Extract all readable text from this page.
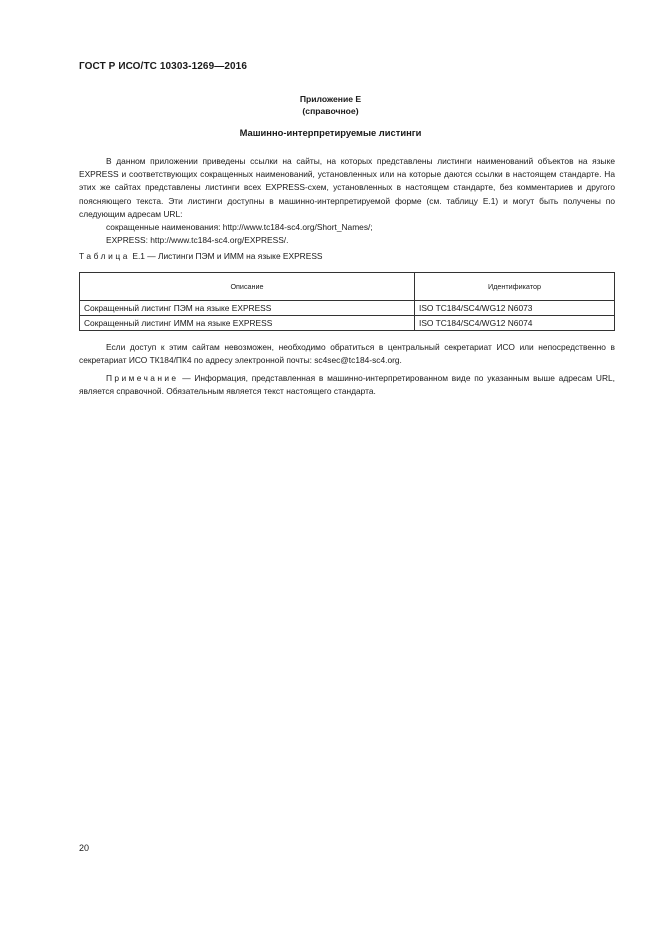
ГОСТ Р ИСО/ТС 10303-1269—2016
Приложение Е
(справочное)
Машинно-интерпретируемые листинги

В данном приложении приведены ссылки на сайты, на которых представлены листинги наименований объектов на языке EXPRESS и соответствующих сокращенных наименований, установленных или на которые даются ссылки в настоящем стандарте. На этих же сайтах представлены листинги всех EXPRESS-схем, установленных в настоящем стандарте, без комментариев и другого поясняющего текста. Эти листинги доступны в машинно-интерпретируемой форме (см. таблицу Е.1) и могут быть получены по следующим адресам URL:

сокращенные наименования: http://www.tc184-sc4.org/Short_Names/;

EXPRESS: http://www.tc184-sc4.org/EXPRESS/.

Таблица Е.1 — Листинги ПЭМ и ИММ на языке EXPRESS
Описание	Идентификатор
Сокращенный листинг ПЭМ на языке EXPRESS	ISO TC184/SC4/WG12 N6073
Сокращенный листинг ИММ на языке EXPRESS	ISO TC184/SC4/WG12 N6074

Если доступ к этим сайтам невозможен, необходимо обратиться в центральный секретариат ИСО или непосредственно в секретариат ИСО ТК184/ПК4 по адресу электронной почты: sc4sec@tc184-sc4.org.

Примечание — Информация, представленная в машинно-интерпретированном виде по указанным выше адресам URL, является справочной. Обязательным является текст настоящего стандарта.

20
